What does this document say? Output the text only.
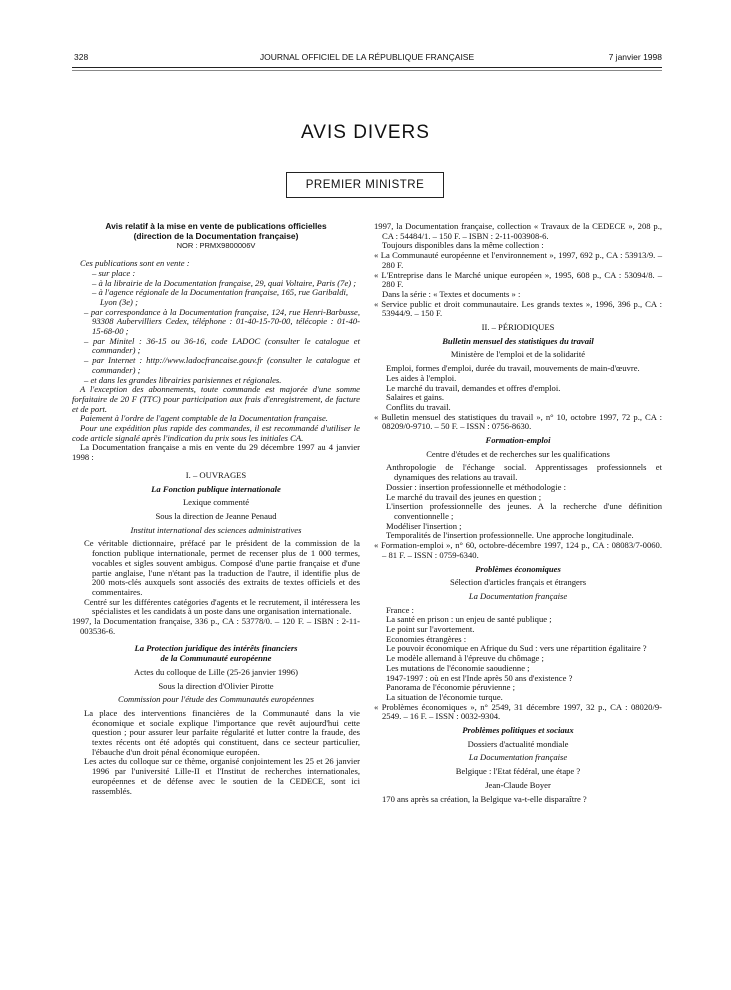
328	JOURNAL OFFICIEL DE LA RÉPUBLIQUE FRANÇAISE	7 janvier 1998
AVIS DIVERS
PREMIER MINISTRE

Avis relatif à la mise en vente de publications officielles

(direction de la Documentation française)

NOR : PRMX9800006V

Ces publications sont en vente :

– sur place :

– à la librairie de la Documentation française, 29, quai Voltaire, Paris (7e) ;

– à l'agence régionale de la Documentation française, 165, rue Garibaldi, Lyon (3e) ;

– par correspondance à la Documentation française, 124, rue Henri-Barbusse, 93308 Aubervilliers Cedex, téléphone : 01-40-15-70-00, télécopie : 01-40-15-68-00 ;

– par Minitel : 36-15 ou 36-16, code LADOC (consulter le catalogue et commander) ;

– par Internet : http://www.ladocfrancaise.gouv.fr (consulter le catalogue et commander) ;

– et dans les grandes librairies parisiennes et régionales.

A l'exception des abonnements, toute commande est majorée d'une somme forfaitaire de 20 F (TTC) pour participation aux frais d'enregistrement, de facture et de port.

Paiement à l'ordre de l'agent comptable de la Documentation française.

Pour une expédition plus rapide des commandes, il est recommandé d'utiliser le code article signalé après l'indication du prix sous les initiales CA.

La Documentation française a mis en vente du 29 décembre 1997 au 4 janvier 1998 :

I. – OUVRAGES

La Fonction publique internationale

Lexique commenté

Sous la direction de Jeanne Penaud

Institut international des sciences administratives

Ce véritable dictionnaire, préfacé par le président de la commission de la fonction publique internationale, permet de recenser plus de 1 000 termes, vocables et sigles souvent ambigus. Composé d'une partie française et d'une partie anglaise, l'une n'étant pas la traduction de l'autre, il identifie plus de 200 mots-clés auxquels sont associés des extraits de textes officiels et des commentaires.

Centré sur les différentes catégories d'agents et le recrutement, il intéressera les spécialistes et les candidats à un poste dans une organisation internationale.

1997, la Documentation française, 336 p., CA : 53778/0. – 120 F. – ISBN : 2-11-003536-6.

La Protection juridique des intérêts financiers

de la Communauté européenne

Actes du colloque de Lille (25-26 janvier 1996)

Sous la direction d'Olivier Pirotte

Commission pour l'étude des Communautés européennes

La place des interventions financières de la Communauté dans la vie économique et sociale explique l'importance que revêt aujourd'hui cette question ; pour assurer leur parfaite régularité et lutter contre la fraude, des textes récents ont été adoptés qui constituent, dans ce secteur particulier, l'ébauche d'un droit pénal économique européen.

Les actes du colloque sur ce thème, organisé conjointement les 25 et 26 janvier 1996 par l'université Lille-II et l'Institut de recherches internationales, européennes et de défense avec le soutien de la CEDECE, sont ici rassemblés.

1997, la Documentation française, collection « Travaux de la CEDECE », 208 p., CA : 54484/1. – 150 F. – ISBN : 2-11-003908-6.

Toujours disponibles dans la même collection :

« La Communauté européenne et l'environnement », 1997, 692 p., CA : 53913/9. – 280 F.

« L'Entreprise dans le Marché unique européen », 1995, 608 p., CA : 53094/8. – 280 F.

Dans la série : « Textes et documents » :

« Service public et droit communautaire. Les grands textes », 1996, 396 p., CA : 53944/9. – 150 F.

II. – PÉRIODIQUES

Bulletin mensuel des statistiques du travail

Ministère de l'emploi et de la solidarité

Emploi, formes d'emploi, durée du travail, mouvements de main-d'œuvre.

Les aides à l'emploi.

Le marché du travail, demandes et offres d'emploi.

Salaires et gains.

Conflits du travail.

« Bulletin mensuel des statistiques du travail », n° 10, octobre 1997, 72 p., CA : 08209/0-9710. – 50 F. – ISSN : 0756-8630.

Formation-emploi

Centre d'études et de recherches sur les qualifications

Anthropologie de l'échange social. Apprentissages professionnels et dynamiques des relations au travail.

Dossier : insertion professionnelle et méthodologie :

Le marché du travail des jeunes en question ;

L'insertion professionnelle des jeunes. A la recherche d'une définition conventionnelle ;

Modéliser l'insertion ;

Temporalités de l'insertion professionnelle. Une approche longitudinale.

« Formation-emploi », n° 60, octobre-décembre 1997, 124 p., CA : 08083/7-0060. – 81 F. – ISSN : 0759-6340.

Problèmes économiques

Sélection d'articles français et étrangers

La Documentation française

France :

La santé en prison : un enjeu de santé publique ;

Le point sur l'avortement.

Economies étrangères :

Le pouvoir économique en Afrique du Sud : vers une répartition égalitaire ?

Le modèle allemand à l'épreuve du chômage ;

Les mutations de l'économie saoudienne ;

1947-1997 : où en est l'Inde après 50 ans d'existence ?

Panorama de l'économie péruvienne ;

La situation de l'économie turque.

« Problèmes économiques », n° 2549, 31 décembre 1997, 32 p., CA : 08020/9-2549. – 16 F. – ISSN : 0032-9304.

Problèmes politiques et sociaux

Dossiers d'actualité mondiale

La Documentation française

Belgique : l'Etat fédéral, une étape ?

Jean-Claude Boyer

170 ans après sa création, la Belgique va-t-elle disparaître ?
